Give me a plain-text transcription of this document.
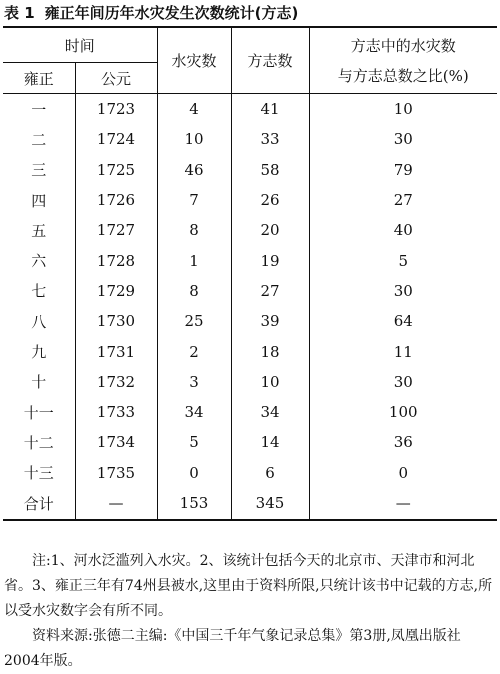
表 1 雍正年间历年水灾发生次数统计(方志)
时间		水灾数	方志数	方志中的水灾数
与方志总数之比(%)

雍正	公元			
一	1723	4	41	10
二	1724	10	33	30
三	1725	46	58	79
四	1726	7	26	27
五	1727	8	20	40
六	1728	1	19	5
七	1729	8	27	30
八	1730	25	39	64
九	1731	2	18	11
十	1732	3	10	30
十一	1733	34	34	100
十二	1734	5	14	36
十三	1735	0	6	0
合计	—	153	345	—

注:1、河水泛滥列入水灾。2、该统计包括今天的北京市、天津市和河北省。3、雍正三年有74州县被水,这里由于资料所限,只统计该书中记载的方志,所以受水灾数字会有所不同。

资料来源:张德二主编:《中国三千年气象记录总集》第3册,凤凰出版社2004年版。
